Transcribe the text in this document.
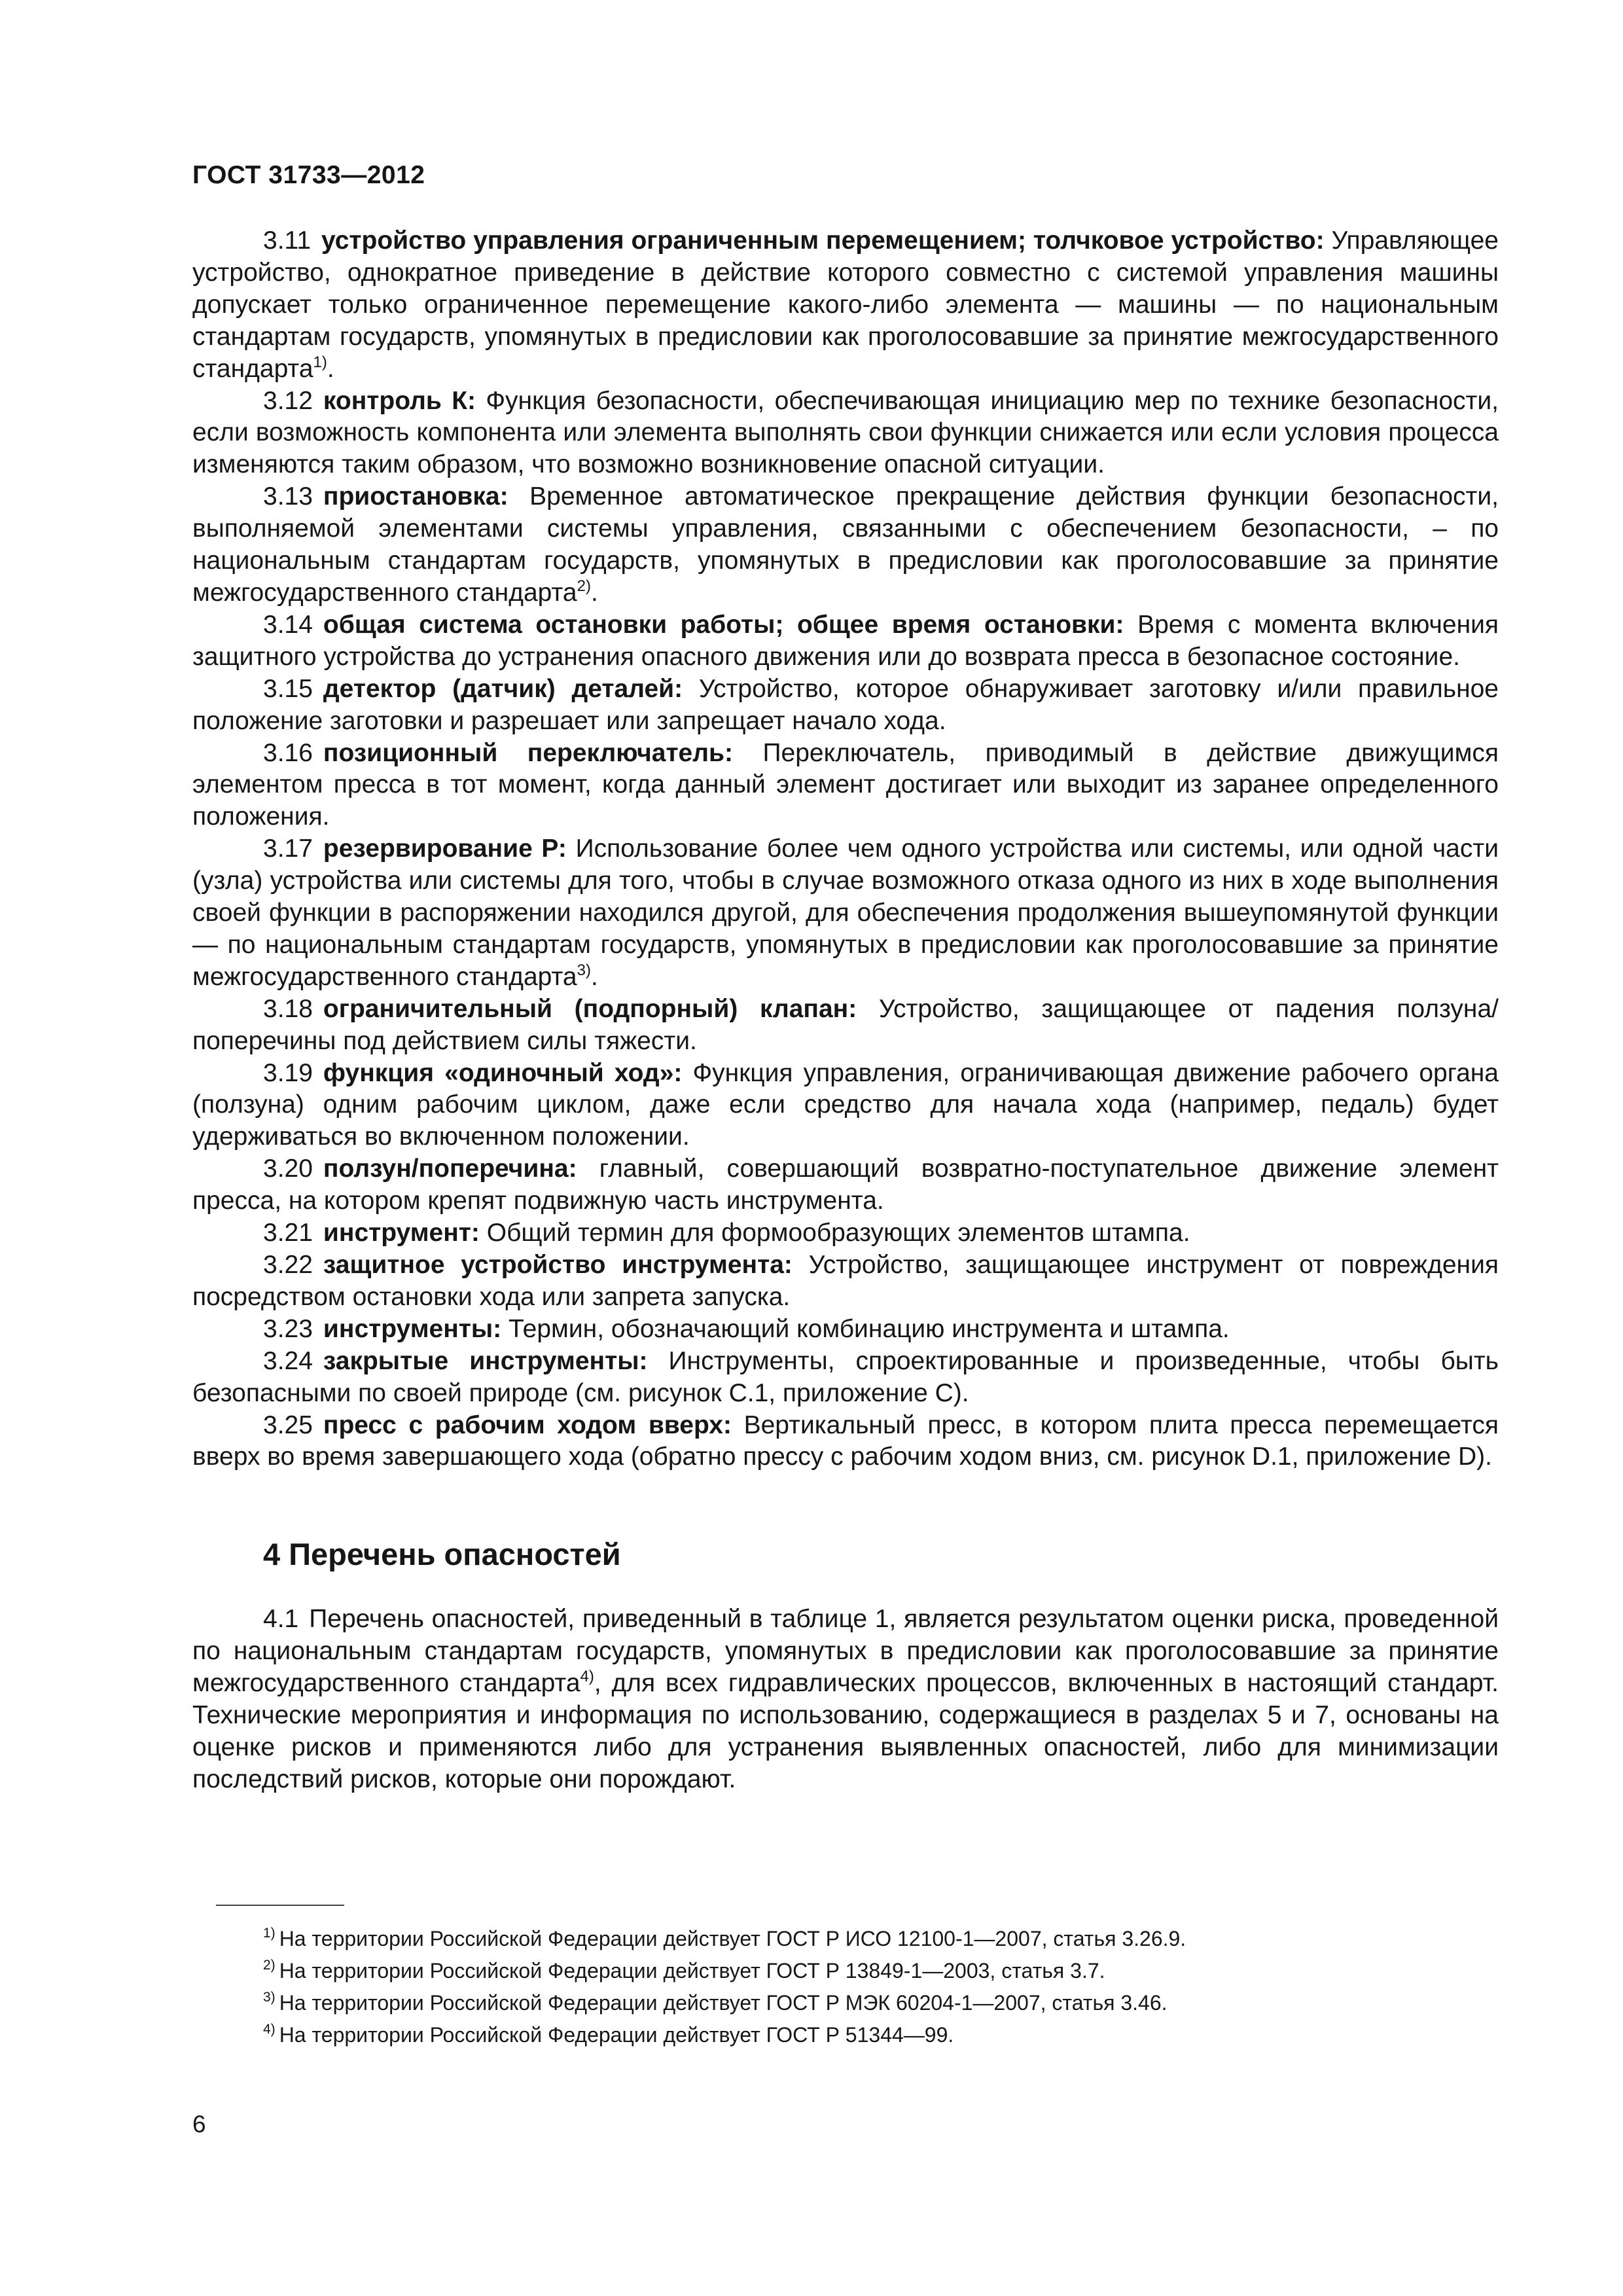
ГОСТ 31733—2012

3.11 устройство управления ограниченным перемещением; толчковое устройство: Управляющее устройство, однократное приведение в действие которого совместно с системой управления машины допускает только ограниченное перемещение какого-либо элемента — машины — по национальным стандартам государств, упомянутых в предисловии как проголосовавшие за принятие межгосударственного стандарта$^{1)}$.

3.12 контроль К: Функция безопасности, обеспечивающая инициацию мер по технике безопасности, если возможность компонента или элемента выполнять свои функции снижается или если условия процесса изменяются таким образом, что возможно возникновение опасной ситуации.

3.13 приостановка: Временное автоматическое прекращение действия функции безопасности, выполняемой элементами системы управления, связанными с обеспечением безопасности, – по национальным стандартам государств, упомянутых в предисловии как проголосовавшие за принятие межгосударственного стандарта$^{2)}$.

3.14 общая система остановки работы; общее время остановки: Время с момента включения защитного устройства до устранения опасного движения или до возврата пресса в безопасное состояние.

3.15 детектор (датчик) деталей: Устройство, которое обнаруживает заготовку и/или правильное положение заготовки и разрешает или запрещает начало хода.

3.16 позиционный переключатель: Переключатель, приводимый в действие движущимся элементом пресса в тот момент, когда данный элемент достигает или выходит из заранее определенного положения.

3.17 резервирование Р: Использование более чем одного устройства или системы, или одной части (узла) устройства или системы для того, чтобы в случае возможного отказа одного из них в ходе выполнения своей функции в распоряжении находился другой, для обеспечения продолжения вышеупомянутой функции — по национальным стандартам государств, упомянутых в предисловии как проголосовавшие за принятие межгосударственного стандарта$^{3)}$.

3.18 ограничительный (подпорный) клапан: Устройство, защищающее от падения ползуна/поперечины под действием силы тяжести.

3.19 функция «одиночный ход»: Функция управления, ограничивающая движение рабочего органа (ползуна) одним рабочим циклом, даже если средство для начала хода (например, педаль) будет удерживаться во включенном положении.

3.20 ползун/поперечина: главный, совершающий возвратно-поступательное движение элемент пресса, на котором крепят подвижную часть инструмента.

3.21 инструмент: Общий термин для формообразующих элементов штампа.

3.22 защитное устройство инструмента: Устройство, защищающее инструмент от повреждения посредством остановки хода или запрета запуска.

3.23 инструменты: Термин, обозначающий комбинацию инструмента и штампа.

3.24 закрытые инструменты: Инструменты, спроектированные и произведенные, чтобы быть безопасными по своей природе (см. рисунок С.1, приложение С).

3.25 пресс с рабочим ходом вверх: Вертикальный пресс, в котором плита пресса перемещается вверх во время завершающего хода (обратно прессу с рабочим ходом вниз, см. рисунок D.1, приложение D).

4 Перечень опасностей

4.1 Перечень опасностей, приведенный в таблице 1, является результатом оценки риска, проведенной по национальным стандартам государств, упомянутых в предисловии как проголосовавшие за принятие межгосударственного стандарта$^{4)}$, для всех гидравлических процессов, включенных в настоящий стандарт. Технические мероприятия и информация по использованию, содержащиеся в разделах 5 и 7, основаны на оценке рисков и применяются либо для устранения выявленных опасностей, либо для минимизации последствий рисков, которые они порождают.

$^{1)}$ На территории Российской Федерации действует ГОСТ Р ИСО 12100-1—2007, статья 3.26.9.
$^{2)}$ На территории Российской Федерации действует ГОСТ Р 13849-1—2003, статья 3.7.
$^{3)}$ На территории Российской Федерации действует ГОСТ Р МЭК 60204-1—2007, статья 3.46.
$^{4)}$ На территории Российской Федерации действует ГОСТ Р 51344—99.
6
